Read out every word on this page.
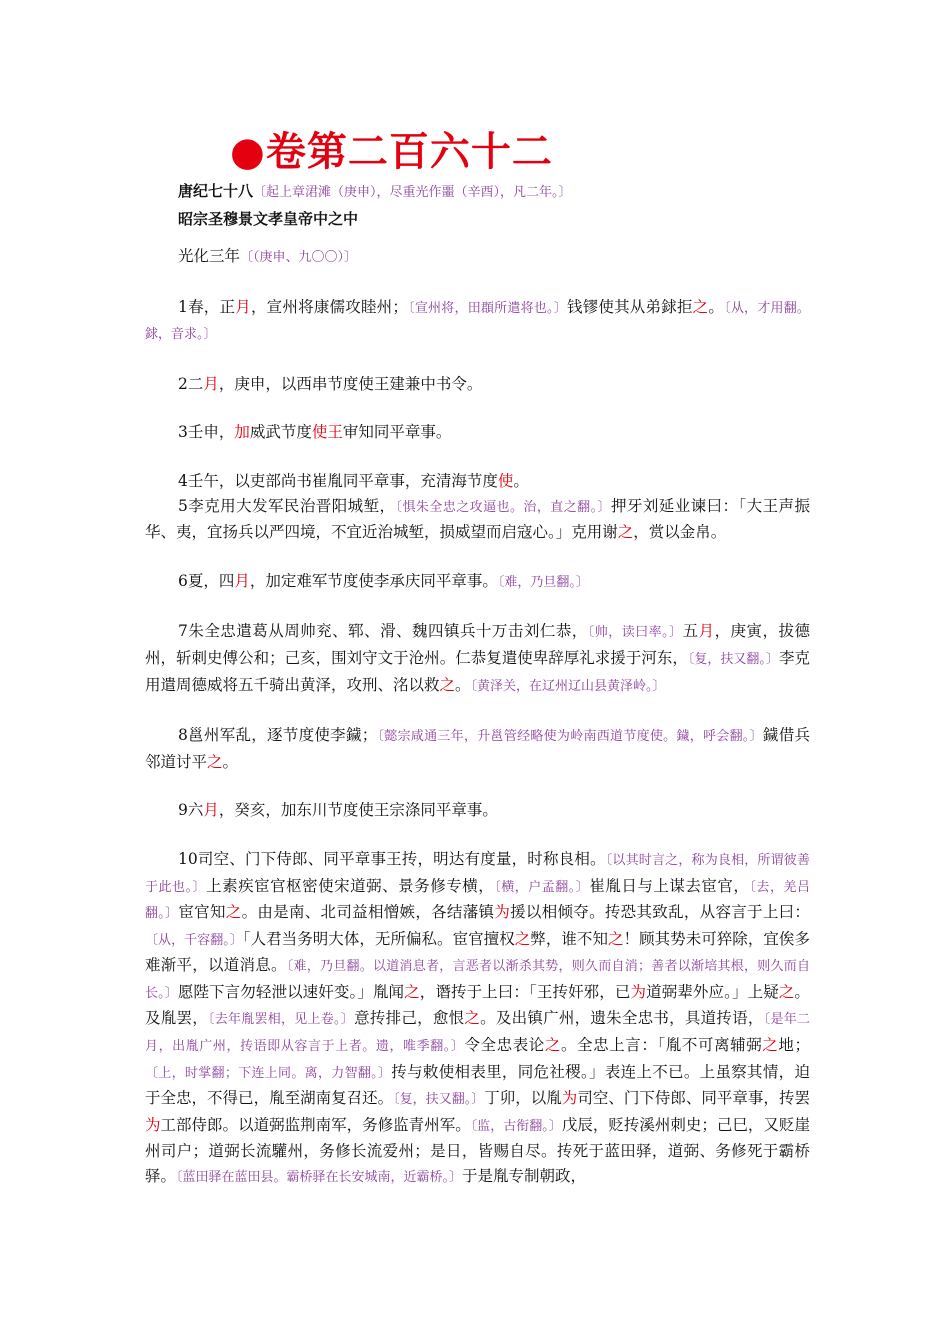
●卷第二百六十二
唐纪七十八〔起上章涒滩（庚申），尽重光作噩（辛酉），凡二年。〕
昭宗圣穆景文孝皇帝中之中

光化三年〔（庚申、九〇〇）〕

1春，正月，宣州将康儒攻睦州；〔宣州将，田頵所遣将也。〕钱镠使其从弟銶拒之。〔从，才用翻。銶，音求。〕

2二月，庚申，以西串节度使王建兼中书令。

3壬申，加威武节度使王审知同平章事。

4壬午，以吏部尚书崔胤同平章事，充清海节度使。

5李克用大发军民治晋阳城堑，〔惧朱全忠之攻逼也。治，直之翻。〕押牙刘延业谏曰：「大王声振华、夷，宜扬兵以严四境，不宜近治城堑，损威望而启寇心。」克用谢之，赏以金帛。

6夏，四月，加定难军节度使李承庆同平章事。〔难，乃旦翻。〕

7朱全忠遣葛从周帅兖、郓、滑、魏四镇兵十万击刘仁恭，〔帅，读曰率。〕五月，庚寅，拔德州，斩刺史傅公和；己亥，围刘守文于沧州。仁恭复遣使卑辞厚礼求援于河东，〔复，扶又翻。〕李克用遣周德威将五千骑出黄泽，攻刑、洺以救之。〔黄泽关，在辽州辽山县黄泽岭。〕

8邕州军乱，逐节度使李鐬；〔懿宗咸通三年，升邕管经略使为岭南西道节度使。鐬，呼会翻。〕鐬借兵邻道讨平之。

9六月，癸亥，加东川节度使王宗涤同平章事。

10司空、门下侍郎、同平章事王抟，明达有度量，时称良相。〔以其时言之，称为良相，所谓彼善于此也。〕上素疾宦官枢密使宋道弼、景务修专横，〔横，户孟翻。〕崔胤日与上谋去宦官，〔去，羌吕翻。〕宦官知之。由是南、北司益相憎嫉，各结藩镇为援以相倾夺。抟恐其致乱，从容言于上曰：〔从，千容翻。〕「人君当务明大体，无所偏私。宦官擅权之弊，谁不知之！顾其势未可猝除，宜俟多难渐平，以道消息。〔难，乃旦翻。以道消息者，言恶者以渐杀其势，则久而自消；善者以渐培其根，则久而自长。〕愿陛下言勿轻泄以速奸变。」胤闻之，谮抟于上曰：「王抟奸邪，已为道弼辈外应。」上疑之。及胤罢，〔去年胤罢相，见上卷。〕意抟排己，愈恨之。及出镇广州，遗朱全忠书，具道抟语，〔是年二月，出胤广州，抟语即从容言于上者。遗，唯季翻。〕令全忠表论之。全忠上言：「胤不可离辅弼之地；〔上，时掌翻；下连上同。离，力智翻。〕抟与敕使相表里，同危社稷。」表连上不已。上虽察其情，迫于全忠，不得已，胤至湖南复召还。〔复，扶又翻。〕丁卯，以胤为司空、门下侍郎、同平章事，抟罢为工部侍郎。以道弼监荆南军，务修监青州军。〔监，古衔翻。〕戊辰，贬抟溪州刺史；己巳，又贬崖州司户；道弼长流驩州，务修长流爱州；是日，皆赐自尽。抟死于蓝田驿，道弼、务修死于霸桥驿。〔蓝田驿在蓝田县。霸桥驿在长安城南，近霸桥。〕于是胤专制朝政，
